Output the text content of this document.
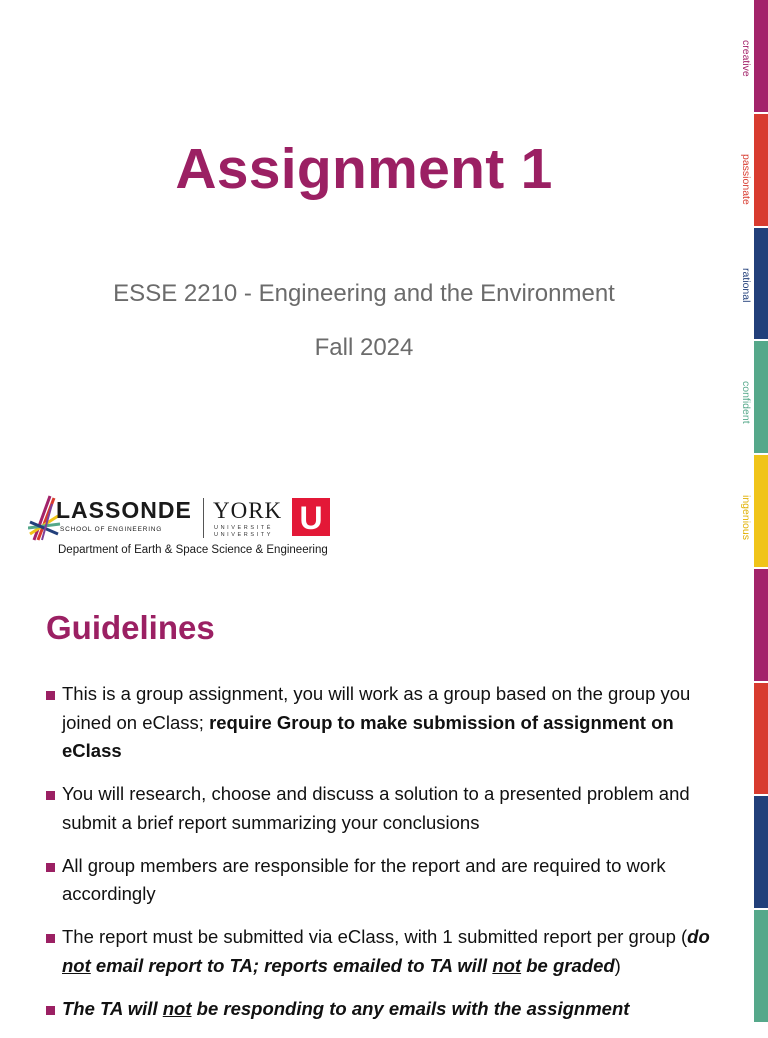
Assignment 1
ESSE 2210 - Engineering and the Environment
Fall 2024
LASSONDE
SCHOOL OF ENGINEERING
YORK
UNIVERSITÉ
UNIVERSITY U
Department of Earth & Space Science & Engineering
Guidelines
This is a group assignment, you will work as a group based on the group you joined on eClass; require Group to make submission of assignment on eClass
You will research, choose and discuss a solution to a presented problem and submit a brief report summarizing your conclusions
All group members are responsible for the report and are required to work accordingly
The report must be submitted via eClass, with 1 submitted report per group (do not email report to TA; reports emailed to TA will not be graded)
The TA will not be responding to any emails with the assignment
creative
passionate
rational
confident
ingenious
